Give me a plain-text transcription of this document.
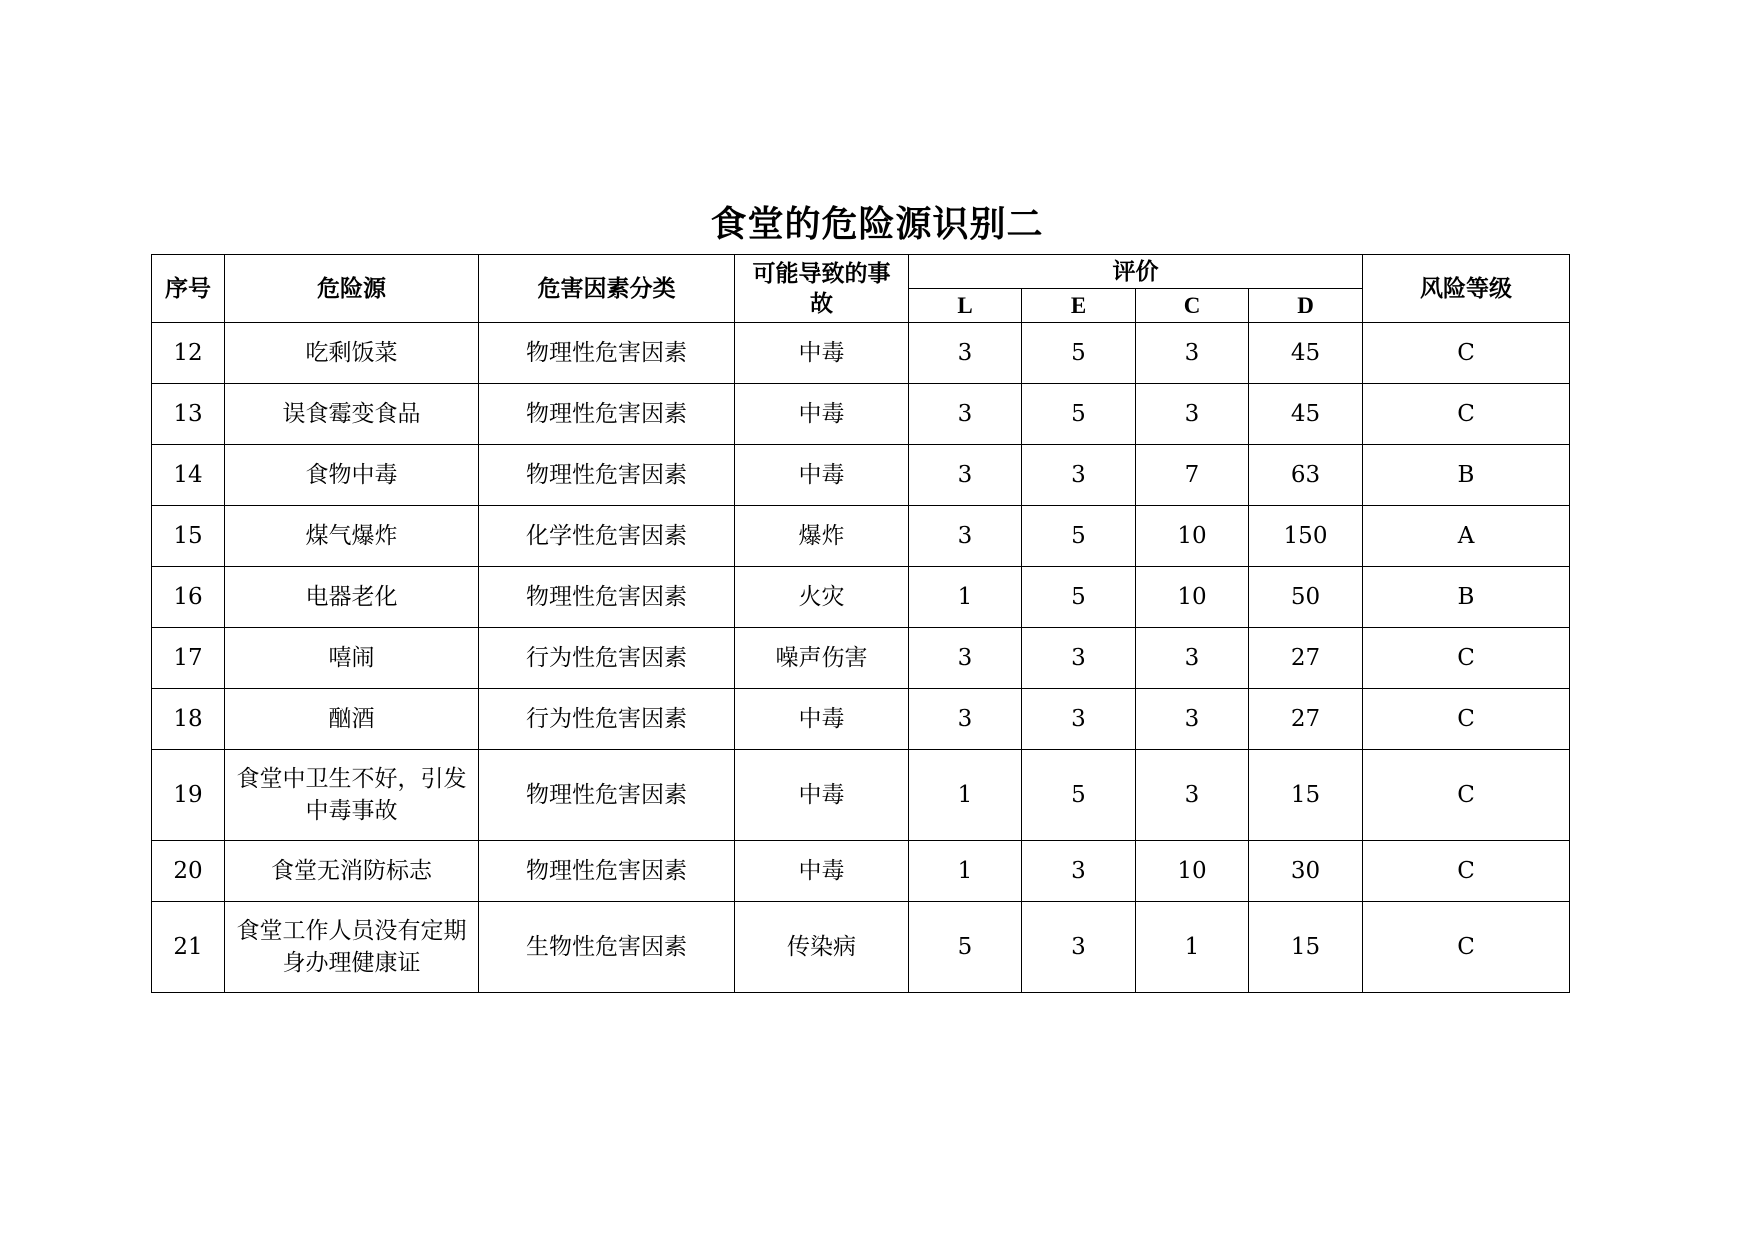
食堂的危险源识别二
序号	危险源	危害因素分类	可能导致的事故	评价				风险等级
				L	E	C	D	
12	吃剩饭菜	物理性危害因素	中毒	3	5	3	45	C
13	误食霉变食品	物理性危害因素	中毒	3	5	3	45	C
14	食物中毒	物理性危害因素	中毒	3	3	7	63	B
15	煤气爆炸	化学性危害因素	爆炸	3	5	10	150	A
16	电器老化	物理性危害因素	火灾	1	5	10	50	B
17	嘻闹	行为性危害因素	噪声伤害	3	3	3	27	C
18	酗酒	行为性危害因素	中毒	3	3	3	27	C
19	食堂中卫生不好，引发中毒事故	物理性危害因素	中毒	1	5	3	15	C
20	食堂无消防标志	物理性危害因素	中毒	1	3	10	30	C
21	食堂工作人员没有定期身办理健康证	生物性危害因素	传染病	5	3	1	15	C
